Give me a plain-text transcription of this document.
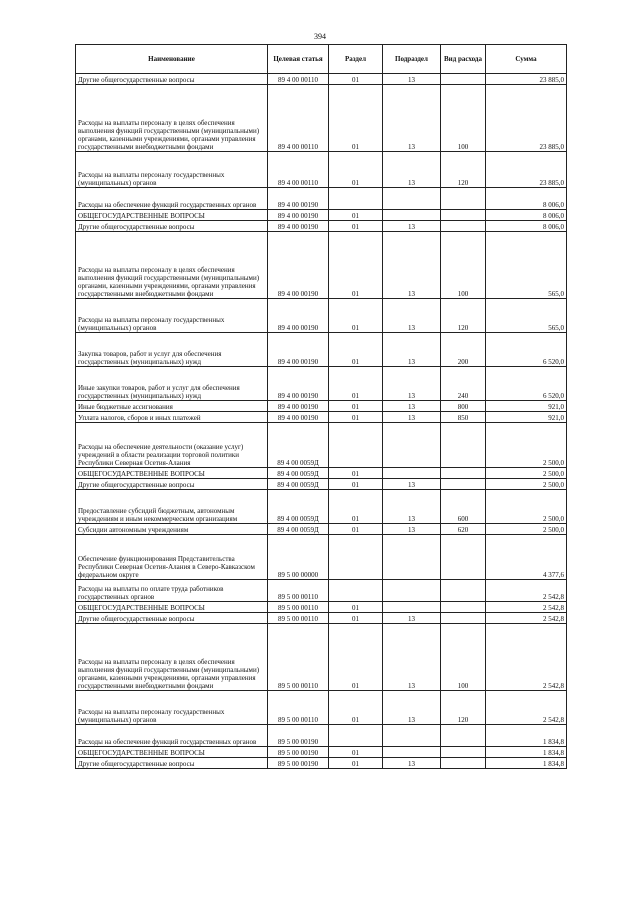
394
Наименование	Целевая статья	Раздел	Подраздел	Вид расхода	Сумма
Другие общегосударственные вопросы	89 4 00 00110	01	13		23 885,0
Расходы на выплаты персоналу в целях обеспечения выполнения функций государственными (муниципальными) органами, казенными учреждениями, органами управления государственными внебюджетными фондами	89 4 00 00110	01	13	100	23 885,0
Расходы на выплаты персоналу государственных (муниципальных) органов	89 4 00 00110	01	13	120	23 885,0
Расходы на обеспечение функций государственных органов	89 4 00 00190				8 006,0
ОБЩЕГОСУДАРСТВЕННЫЕ ВОПРОСЫ	89 4 00 00190	01			8 006,0
Другие общегосударственные вопросы	89 4 00 00190	01	13		8 006,0
Расходы на выплаты персоналу в целях обеспечения выполнения функций государственными (муниципальными) органами, казенными учреждениями, органами управления государственными внебюджетными фондами	89 4 00 00190	01	13	100	565,0
Расходы на выплаты персоналу государственных (муниципальных) органов	89 4 00 00190	01	13	120	565,0
Закупка товаров, работ и услуг для обеспечения государственных (муниципальных) нужд	89 4 00 00190	01	13	200	6 520,0
Иные закупки товаров, работ и услуг для обеспечения государственных (муниципальных) нужд	89 4 00 00190	01	13	240	6 520,0
Иные бюджетные ассигнования	89 4 00 00190	01	13	800	921,0
Уплата налогов, сборов и иных платежей	89 4 00 00190	01	13	850	921,0
Расходы на обеспечение деятельности (оказание услуг) учреждений в области реализации торговой политики Республики Северная Осетия-Алания	89 4 00 0059Д				2 500,0
ОБЩЕГОСУДАРСТВЕННЫЕ ВОПРОСЫ	89 4 00 0059Д	01			2 500,0
Другие общегосударственные вопросы	89 4 00 0059Д	01	13		2 500,0
Предоставление субсидий бюджетным, автономным учреждениям и иным некоммерческим организациям	89 4 00 0059Д	01	13	600	2 500,0
Субсидии автономным учреждениям	89 4 00 0059Д	01	13	620	2 500,0
Обеспечение функционирования Представительства Республики Северная Осетия-Алания в Северо-Кавказском федеральном округе	89 5 00 00000				4 377,6
Расходы на выплаты по оплате труда работников государственных органов	89 5 00 00110				2 542,8
ОБЩЕГОСУДАРСТВЕННЫЕ ВОПРОСЫ	89 5 00 00110	01			2 542,8
Другие общегосударственные вопросы	89 5 00 00110	01	13		2 542,8
Расходы на выплаты персоналу в целях обеспечения выполнения функций государственными (муниципальными) органами, казенными учреждениями, органами управления государственными внебюджетными фондами	89 5 00 00110	01	13	100	2 542,8
Расходы на выплаты персоналу государственных (муниципальных) органов	89 5 00 00110	01	13	120	2 542,8
Расходы на обеспечение функций государственных органов	89 5 00 00190				1 834,8
ОБЩЕГОСУДАРСТВЕННЫЕ ВОПРОСЫ	89 5 00 00190	01			1 834,8
Другие общегосударственные вопросы	89 5 00 00190	01	13		1 834,8
